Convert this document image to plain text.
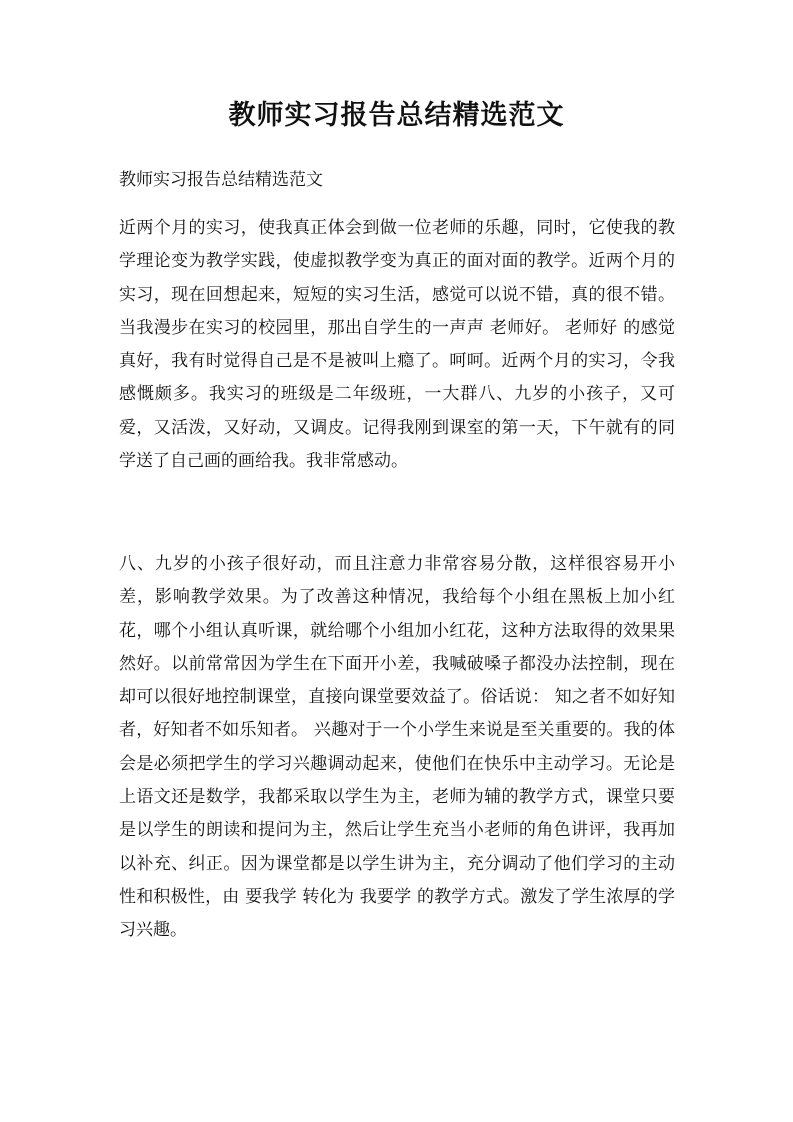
教师实习报告总结精选范文

教师实习报告总结精选范文

近两个月的实习，使我真正体会到做一位老师的乐趣，同时，它使我的教学理论变为教学实践，使虚拟教学变为真正的面对面的教学。近两个月的实习，现在回想起来，短短的实习生活，感觉可以说不错，真的很不错。当我漫步在实习的校园里，那出自学生的一声声 老师好。 老师好 的感觉真好，我有时觉得自己是不是被叫上瘾了。呵呵。近两个月的实习，令我感慨颇多。我实习的班级是二年级班，一大群八、九岁的小孩子，又可爱，又活泼，又好动，又调皮。记得我刚到课室的第一天，下午就有的同学送了自己画的画给我。我非常感动。

八、九岁的小孩子很好动，而且注意力非常容易分散，这样很容易开小差，影响教学效果。为了改善这种情况，我给每个小组在黑板上加小红花，哪个小组认真听课，就给哪个小组加小红花，这种方法取得的效果果然好。以前常常因为学生在下面开小差，我喊破嗓子都没办法控制，现在却可以很好地控制课堂，直接向课堂要效益了。俗话说： 知之者不如好知者，好知者不如乐知者。 兴趣对于一个小学生来说是至关重要的。我的体会是必须把学生的学习兴趣调动起来，使他们在快乐中主动学习。无论是上语文还是数学，我都采取以学生为主，老师为辅的教学方式，课堂只要是以学生的朗读和提问为主，然后让学生充当小老师的角色讲评，我再加以补充、纠正。因为课堂都是以学生讲为主，充分调动了他们学习的主动性和积极性，由 要我学 转化为 我要学 的教学方式。激发了学生浓厚的学习兴趣。
